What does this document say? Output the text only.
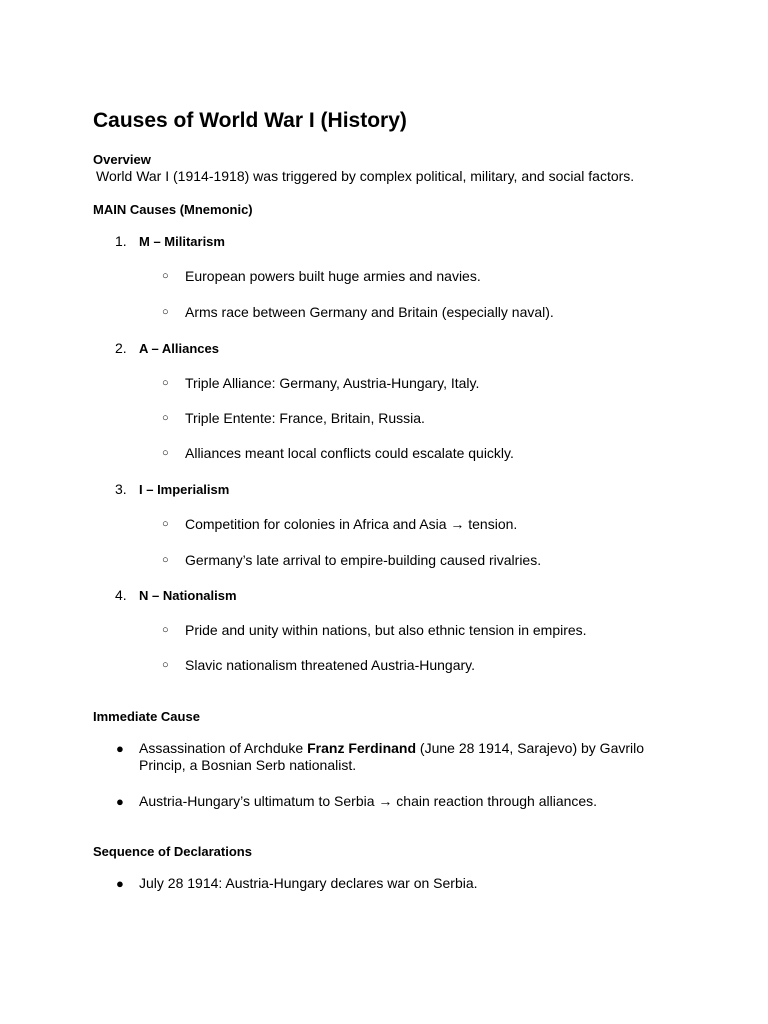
Causes of World War I (History)
Overview
World War I (1914-1918) was triggered by complex political, military, and social factors.
MAIN Causes (Mnemonic)
1. M – Militarism
○ European powers built huge armies and navies.
○ Arms race between Germany and Britain (especially naval).
2. A – Alliances
○ Triple Alliance: Germany, Austria-Hungary, Italy.
○ Triple Entente: France, Britain, Russia.
○ Alliances meant local conflicts could escalate quickly.
3. I – Imperialism
○ Competition for colonies in Africa and Asia → tension.
○ Germany’s late arrival to empire-building caused rivalries.
4. N – Nationalism
○ Pride and unity within nations, but also ethnic tension in empires.
○ Slavic nationalism threatened Austria-Hungary.
Immediate Cause
● Assassination of Archduke Franz Ferdinand (June 28 1914, Sarajevo) by Gavrilo Princip, a Bosnian Serb nationalist.
● Austria-Hungary’s ultimatum to Serbia → chain reaction through alliances.
Sequence of Declarations
● July 28 1914: Austria-Hungary declares war on Serbia.
